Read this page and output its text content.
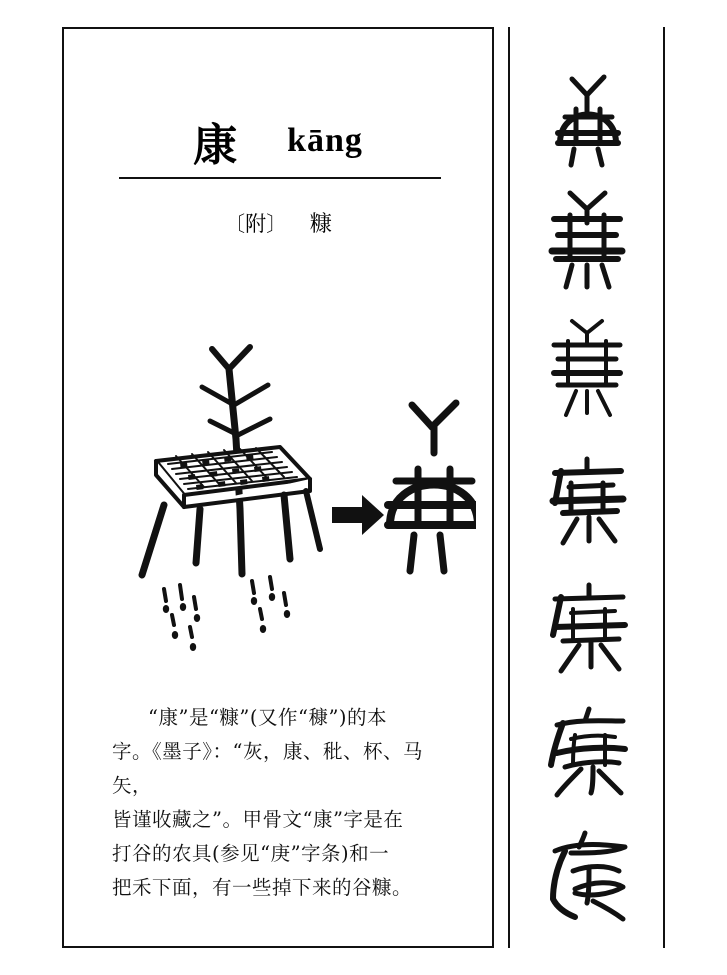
康 kāng
〔附〕 糠
“康”是“糠”(又作“穅”)的本
字。《墨子》：“灰，康、秕、杯、马矢，
皆谨收藏之”。甲骨文“康”字是在
打谷的农具(参见“庚”字条)和一
把禾下面，有一些掉下来的谷糠。
